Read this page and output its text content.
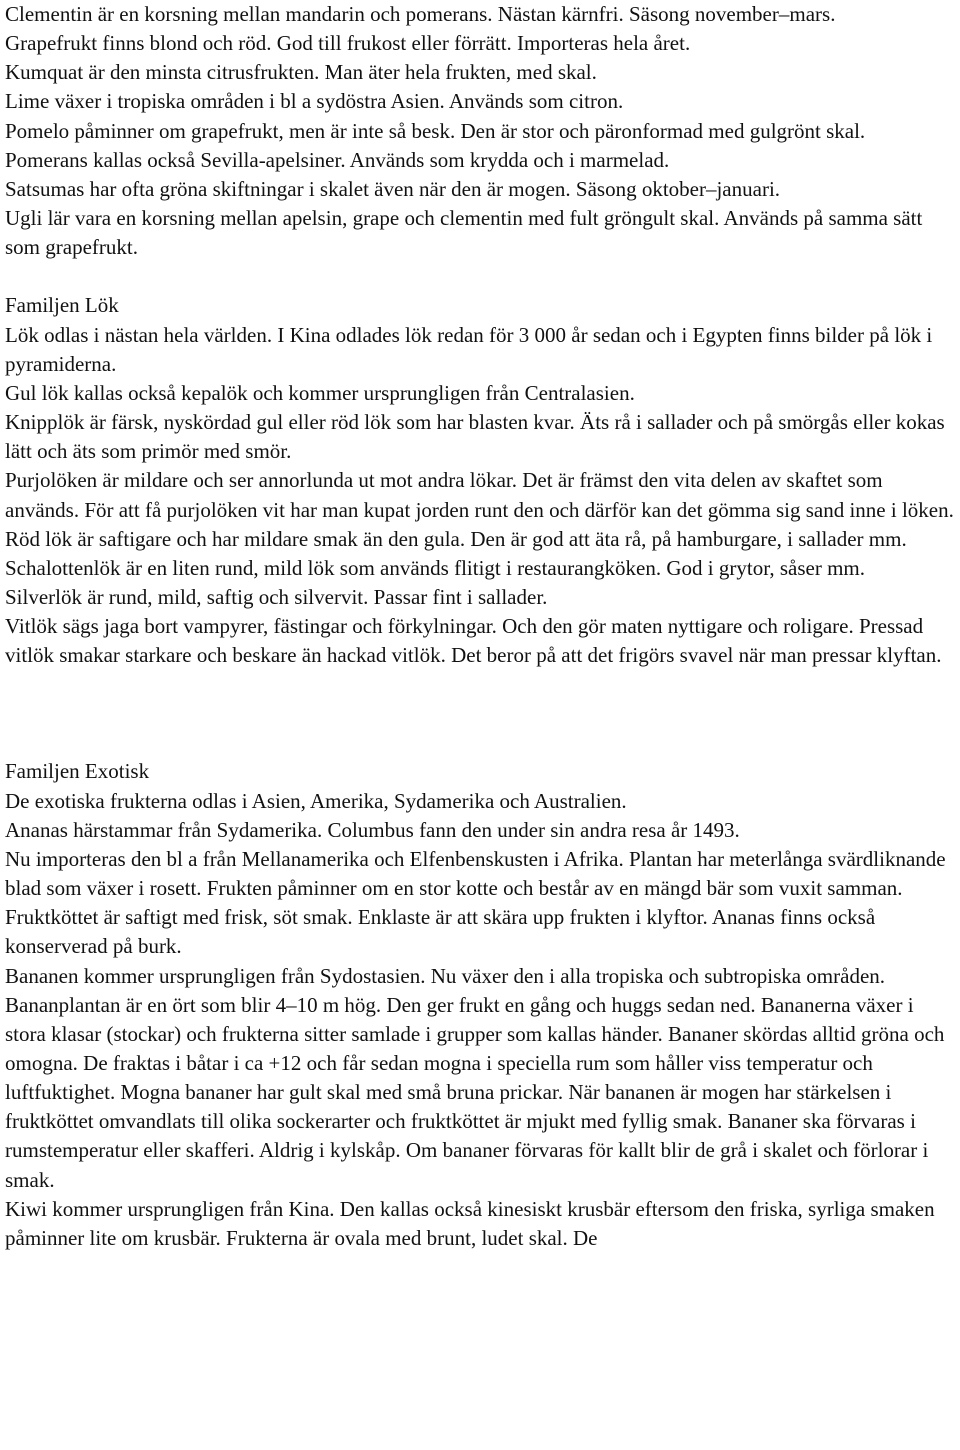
Clementin är en korsning mellan mandarin och pomerans. Nästan kärnfri. Säsong november–mars.

Grapefrukt finns blond och röd. God till frukost eller förrätt. Importeras hela året.

Kumquat är den minsta citrusfrukten. Man äter hela frukten, med skal.

Lime växer i tropiska områden i bl a sydöstra Asien. Används som citron.

Pomelo påminner om grapefrukt, men är inte så besk. Den är stor och päronformad med gulgrönt skal.

Pomerans kallas också Sevilla-apelsiner. Används som krydda och i marmelad.

Satsumas har ofta gröna skiftningar i skalet även när den är mogen. Säsong oktober–januari.

Ugli lär vara en korsning mellan apelsin, grape och clementin med fult gröngult skal. Används på samma sätt som grapefrukt.

Familjen Lök

Lök odlas i nästan hela världen. I Kina odlades lök redan för 3 000 år sedan och i Egypten finns bilder på lök i pyramiderna.

Gul lök kallas också kepalök och kommer ursprungligen från Centralasien.

Knipplök är färsk, nyskördad gul eller röd lök som har blasten kvar. Äts rå i sallader och på smörgås eller kokas lätt och äts som primör med smör.

Purjolöken är mildare och ser annorlunda ut mot andra lökar. Det är främst den vita delen av skaftet som används. För att få purjolöken vit har man kupat jorden runt den och därför kan det gömma sig sand inne i löken.

Röd lök är saftigare och har mildare smak än den gula. Den är god att äta rå, på hamburgare, i sallader mm.

Schalottenlök är en liten rund, mild lök som används flitigt i restaurangköken. God i grytor, såser mm.

Silverlök är rund, mild, saftig och silvervit. Passar fint i sallader.

Vitlök sägs jaga bort vampyrer, fästingar och förkylningar. Och den gör maten nyttigare och roligare. Pressad vitlök smakar starkare och beskare än hackad vitlök. Det beror på att det frigörs svavel när man pressar klyftan.

Familjen Exotisk

De exotiska frukterna odlas i Asien, Amerika, Sydamerika och Australien.

Ananas härstammar från Sydamerika. Columbus fann den under sin andra resa år 1493.

Nu importeras den bl a från Mellanamerika och Elfenbenskusten i Afrika. Plantan har meterlånga svärdliknande blad som växer i rosett. Frukten påminner om en stor kotte och består av en mängd bär som vuxit samman. Fruktköttet är saftigt med frisk, söt smak. Enklaste är att skära upp frukten i klyftor. Ananas finns också konserverad på burk.

Bananen kommer ursprungligen från Sydostasien. Nu växer den i alla tropiska och subtropiska områden. Bananplantan är en ört som blir 4–10 m hög. Den ger frukt en gång och huggs sedan ned. Bananerna växer i stora klasar (stockar) och frukterna sitter samlade i grupper som kallas händer. Bananer skördas alltid gröna och omogna. De fraktas i båtar i ca +12 och får sedan mogna i speciella rum som håller viss temperatur och luftfuktighet. Mogna bananer har gult skal med små bruna prickar. När bananen är mogen har stärkelsen i fruktköttet omvandlats till olika sockerarter och fruktköttet är mjukt med fyllig smak. Bananer ska förvaras i rumstemperatur eller skafferi. Aldrig i kylskåp. Om bananer förvaras för kallt blir de grå i skalet och förlorar i smak.

Kiwi kommer ursprungligen från Kina. Den kallas också kinesiskt krusbär eftersom den friska, syrliga smaken påminner lite om krusbär. Frukterna är ovala med brunt, ludet skal. De
